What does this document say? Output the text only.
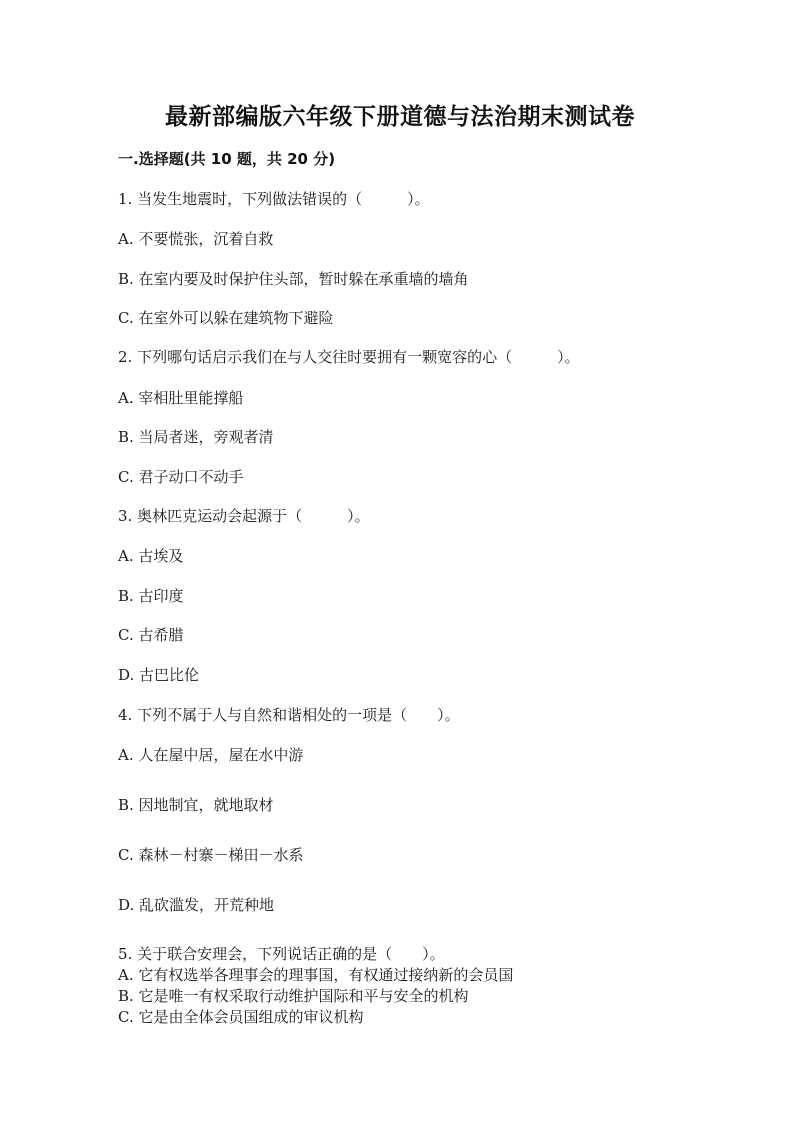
最新部编版六年级下册道德与法治期末测试卷
一.选择题(共 10 题，共 20 分)
1. 当发生地震时，下列做法错误的（　　　）。
A. 不要慌张，沉着自救
B. 在室内要及时保护住头部，暂时躲在承重墙的墙角
C. 在室外可以躲在建筑物下避险
2. 下列哪句话启示我们在与人交往时要拥有一颗宽容的心（　　　）。
A. 宰相肚里能撑船
B. 当局者迷，旁观者清
C. 君子动口不动手
3. 奥林匹克运动会起源于（　　　）。
A. 古埃及
B. 古印度
C. 古希腊
D. 古巴比伦
4. 下列不属于人与自然和谐相处的一项是（　　）。
A. 人在屋中居，屋在水中游
B. 因地制宜，就地取材
C. 森林－村寨－梯田－水系
D. 乱砍滥发，开荒种地
5. 关于联合安理会，下列说话正确的是（　　）。
A. 它有权选举各理事会的理事国，有权通过接纳新的会员国
B. 它是唯一有权采取行动维护国际和平与安全的机构
C. 它是由全体会员国组成的审议机构
